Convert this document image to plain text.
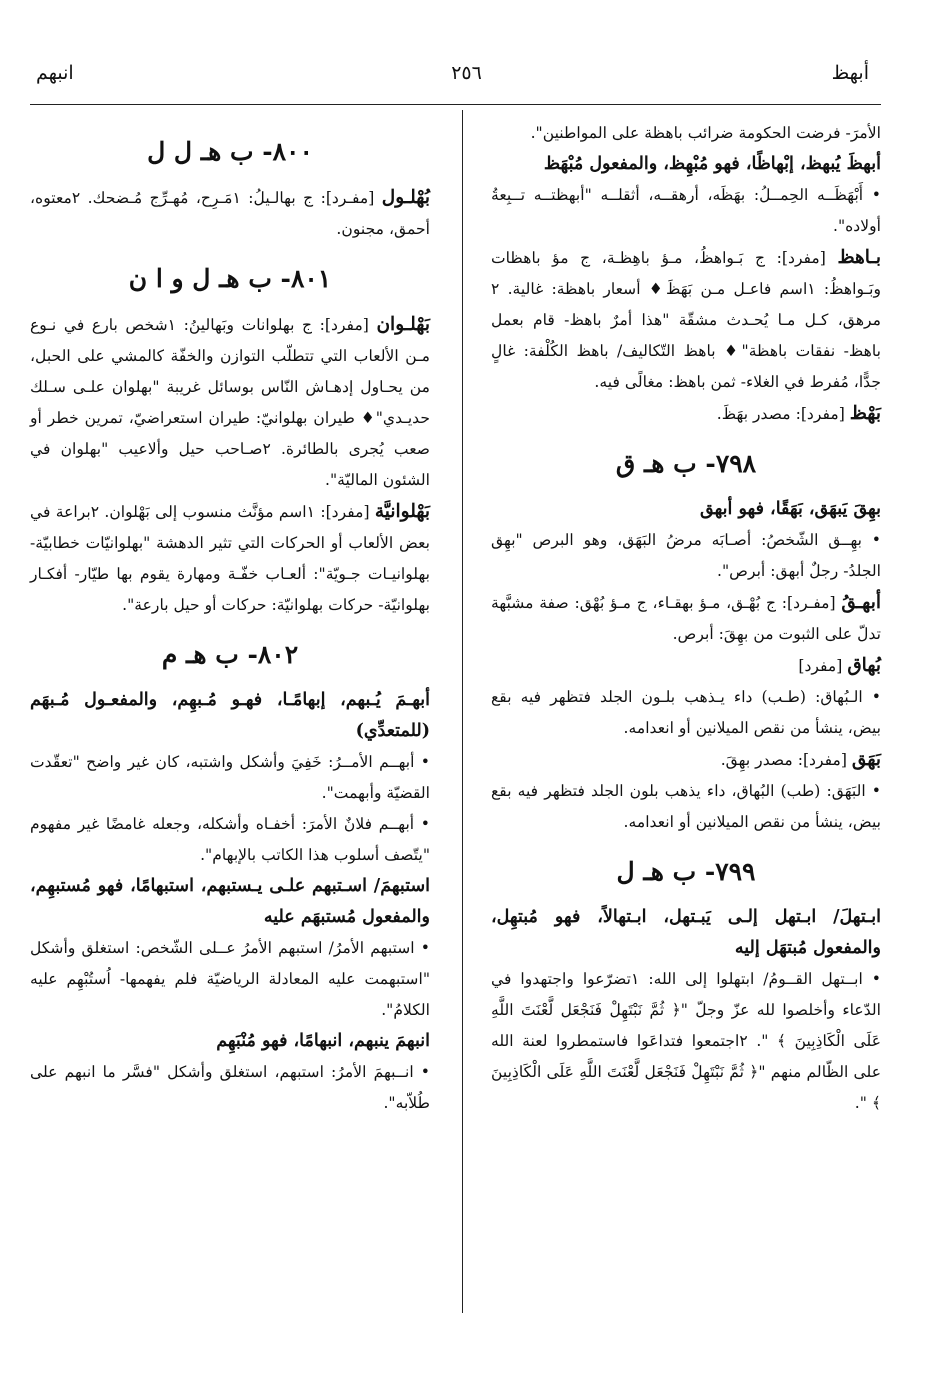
أبهظ
٢٥٦
انبهم

الأمرَ- فرضت الحكومة ضرائب باهظة على المواطنين".

أبهظَ يُبهظ، إبْهاظًا، فهو مُبْهِظ، والمفعول مُبْهَظ

• أَبْهَظَــه الحِمــلُ: بهَظَه، أرهقــه، أثقلــه "أبهظتــه تــبِعةُ أولاده".

بـاهظ [مفرد]: ج بَـواهظُ، مـؤ باهِظـة، ج مؤ باهظات وبَـواهظُ: ١اسم فاعـل مـن بَهَظَ♦ أسعار باهظة: غالية. ٢ مرهق، كـل مـا يُحـدث مشقّة "هذا أمرٌ باهظ- قام بعمل باهظ- نفقات باهظة"♦ باهظ التّكاليف/ باهظ الكُلْفة: غالٍ جدًّا، مُفرط في الغلاء- ثمن باهظ: مغالًى فيه.

بَهْظ [مفرد]: مصدر بهَظَ.

٧٩٨- ب هـ ق

بهِقَ يَبهَق، بَهَقًا، فهو أبهق

• بهِــق الشّخصُ: أصـابَه مرضُ البَهَق، وهو البرص "بهِق الجلدُ- رجلٌ أبهق: أبرص".

أبهـقُ [مفـرد]: ج بُهْـق، مـؤ بهقـاء، ج مـؤ بُهْق: صفة مشبَّهة تدلّ على الثبوت من بهِقَ: أبرص.

بُهاق [مفرد]

• الـبُهاق: (طـب) داء يـذهب بلـون الجلد فتظهر فيه بقع بيض، ينشأ من نقص الميلانين أو انعدامه.

بَهَق [مفرد]: مصدر بهِقَ.

• البَهَق: (طب) البُهاق، داء يذهب بلون الجلد فتظهر فيه بقع بيض، ينشأ من نقص الميلانين أو انعدامه.

٧٩٩- ب هـ ل

ابـتهلَ/ ابـتهل إلـى يَبـتهل، ابـتهالاً، فهو مُبتهِل، والمفعول مُبتهَل إليه

• ابــتهل القــومُ/ ابتهلوا إلى الله: ١تضرّعوا واجتهدوا في الدّعاء وأخلصوا لله عزّ وجلّ "﴿ ثُمَّ نَبْتَهِلْ فَنَجْعَل لَّعْنَتَ اللَّهِ عَلَى الْكَاذِبِينَ ﴾ ". ٢اجتمعوا فتداعَوا فاستمطروا لعنة الله على الظّالم منهم "﴿ ثُمَّ نَبْتَهِلْ فَنَجْعَل لَّعْنَتَ اللَّهِ عَلَى الْكَاذِبِينَ ﴾ ".

٨٠٠- ب هـ ل ل

بُهْلـول [مفـرد]: ج بهالـيلُ: ١مَـرِح، مُهـرِّج مُـضحك. ٢معتوه، أحمق، مجنون.

٨٠١- ب هـ ل و ا ن

بَهْلـوان [مفرد]: ج بهلوانات وبَهالينُ: ١شخص بارع في نـوع مـن الألعاب التي تتطلّب التوازن والخفّة كالمشي على الحبل، من يحـاول إدهـاش النّاس بوسائل غريبة "بهلوان علـى سـلك حديـدي"♦ طيران بهلوانيّ: طيران استعراضيّ، تمرين خطر أو صعب يُجرى بالطائرة. ٢صـاحب حيل وألاعيب "بهلوان في الشئون الماليّة".

بَهْلوانيَّة [مفرد]: ١اسم مؤنَّث منسوب إلى بَهْلوان. ٢براعة في بعض الألعاب أو الحركات التي تثير الدهشة "بهلوانيّات خطابيّة- بهلوانيـات جـويّة": ألعـاب خفّـة ومهارة يقوم بها طيّار- أفكـار بهلوانيّة- حركات بهلوانيّة: حركات أو حيل بارعة".

٨٠٢- ب هـ م

أبهـمَ يُـبهم، إبهامًـا، فهـو مُـبهِم، والمفعـول مُـبهَم (للمتعدِّي)

• أبهــم الأمــرُ: خَفِيَ وأشكل واشتبه، كان غير واضح "تعقّدت القضيّة وأبهمت".

• أبهــم فلانٌ الأمرَ: أخفـاه وأشكله، وجعله غامضًا غير مفهوم "يتّصف أسلوب هذا الكاتب بالإبهام".

استبهمَ/ اسـتبهم علـى يـستبهم، استبهامًا، فهو مُستبهِم، والمفعول مُستبهَم عليه

• استبهم الأمرُ/ استبهم الأمرُ عــلى الشّخص: استغلق وأشكل "استبهمت عليه المعادلة الرياضيّة فلم يفهمها- اُستُبْهِم عليه الكلامُ".

انبهمَ ينبهم، انبهامًا، فهو مُنْبَهِم

• انــبهمَ الأمرُ: استبهم، استغلق وأشكل "فسَّر ما انبهم على طُلاّبه".
